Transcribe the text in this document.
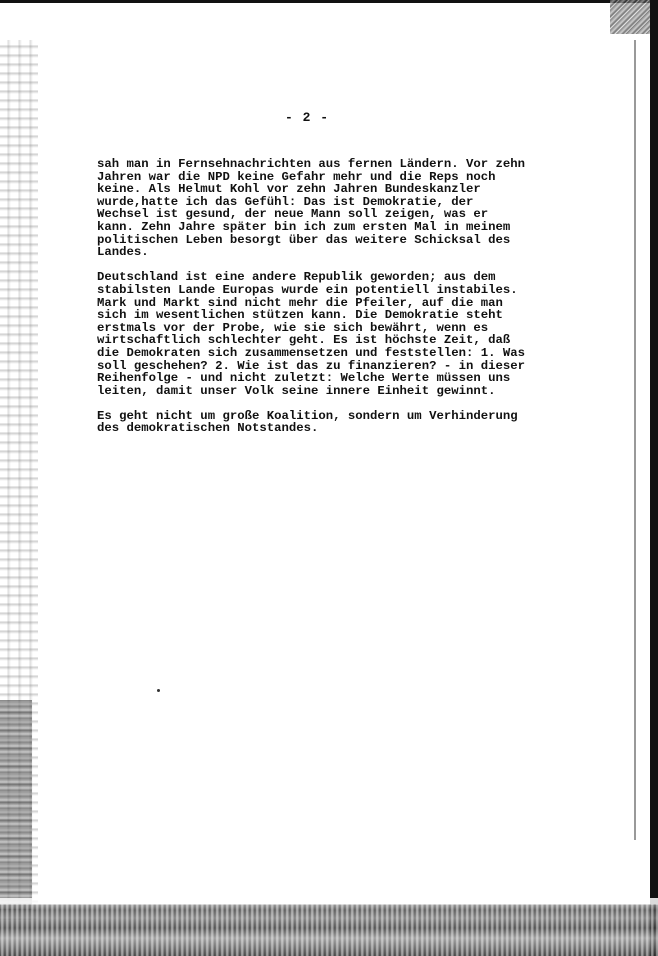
- 2 -
sah man in Fernsehnachrichten aus fernen Ländern. Vor zehn
Jahren war die NPD keine Gefahr mehr und die Reps noch
keine. Als Helmut Kohl vor zehn Jahren Bundeskanzler
wurde,hatte ich das Gefühl: Das ist Demokratie, der
Wechsel ist gesund, der neue Mann soll zeigen, was er
kann. Zehn Jahre später bin ich zum ersten Mal in meinem
politischen Leben besorgt über das weitere Schicksal des
Landes.
Deutschland ist eine andere Republik geworden; aus dem
stabilsten Lande Europas wurde ein potentiell instabiles.
Mark und Markt sind nicht mehr die Pfeiler, auf die man
sich im wesentlichen stützen kann. Die Demokratie steht
erstmals vor der Probe, wie sie sich bewährt, wenn es
wirtschaftlich schlechter geht. Es ist höchste Zeit, daß
die Demokraten sich zusammensetzen und feststellen: 1. Was
soll geschehen? 2. Wie ist das zu finanzieren? - in dieser
Reihenfolge - und nicht zuletzt: Welche Werte müssen uns
leiten, damit unser Volk seine innere Einheit gewinnt.
Es geht nicht um große Koalition, sondern um Verhinderung
des demokratischen Notstandes.
